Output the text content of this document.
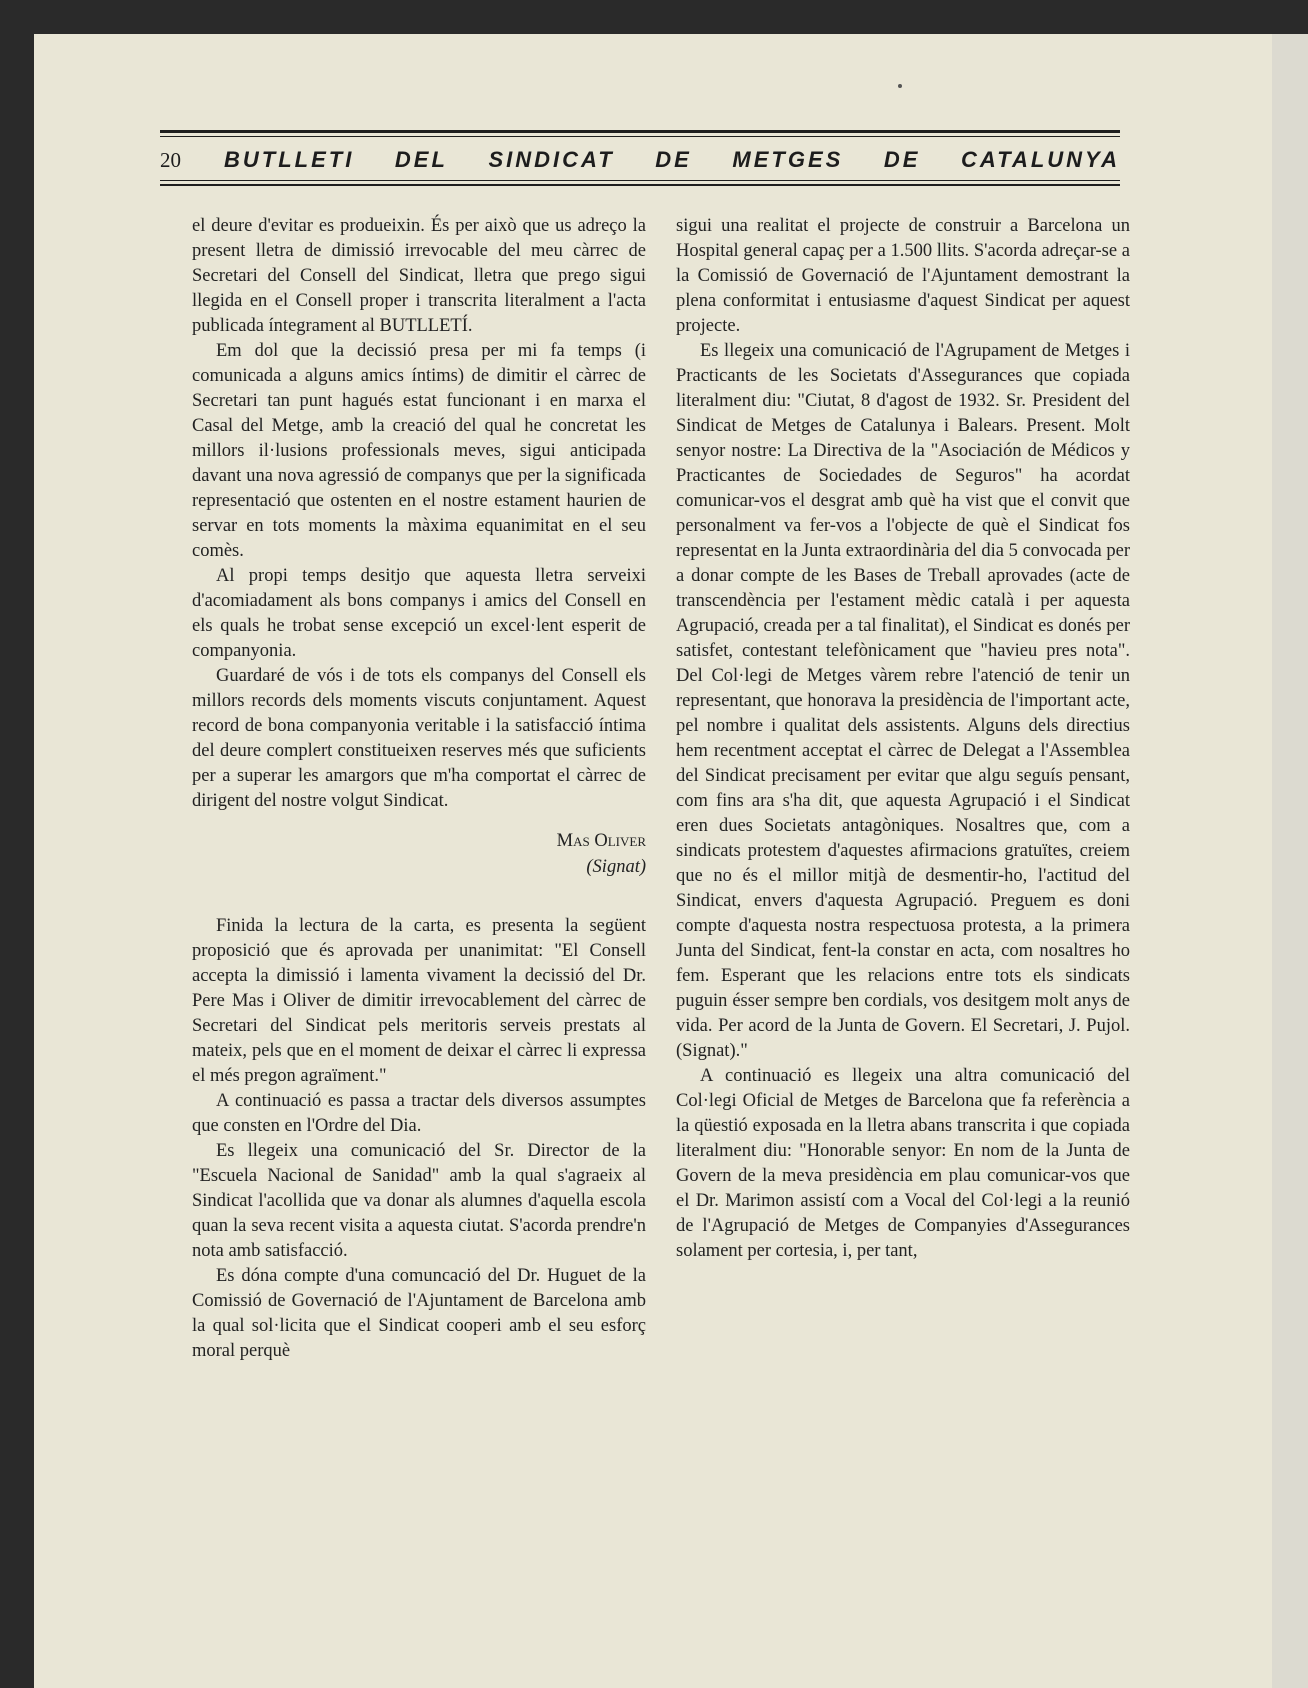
20	BUTLLETI DEL SINDICAT DE METGES DE CATALUNYA

el deure d'evitar es produeixin. És per això que us adreço la present lletra de dimissió irrevocable del meu càrrec de Secretari del Consell del Sindicat, lletra que prego sigui llegida en el Consell proper i transcrita literalment a l'acta publicada íntegrament al BUTLLETÍ.

Em dol que la decissió presa per mi fa temps (i comunicada a alguns amics íntims) de dimitir el càrrec de Secretari tan punt hagués estat funcionant i en marxa el Casal del Metge, amb la creació del qual he concretat les millors il·lusions professionals meves, sigui anticipada davant una nova agressió de companys que per la significada representació que ostenten en el nostre estament haurien de servar en tots moments la màxima equanimitat en el seu comès.

Al propi temps desitjo que aquesta lletra serveixi d'acomiadament als bons companys i amics del Consell en els quals he trobat sense excepció un excel·lent esperit de companyonia.

Guardaré de vós i de tots els companys del Consell els millors records dels moments viscuts conjuntament. Aquest record de bona companyonia veritable i la satisfacció íntima del deure complert constitueixen reserves més que suficients per a superar les amargors que m'ha comportat el càrrec de dirigent del nostre volgut Sindicat.

Mas Oliver
(Signat)

Finida la lectura de la carta, es presenta la següent proposició que és aprovada per unanimitat: "El Consell accepta la dimissió i lamenta vivament la decissió del Dr. Pere Mas i Oliver de dimitir irrevocablement del càrrec de Secretari del Sindicat pels meritoris serveis prestats al mateix, pels que en el moment de deixar el càrrec li expressa el més pregon agraïment."

A continuació es passa a tractar dels diversos assumptes que consten en l'Ordre del Dia.

Es llegeix una comunicació del Sr. Director de la "Escuela Nacional de Sanidad" amb la qual s'agraeix al Sindicat l'acollida que va donar als alumnes d'aquella escola quan la seva recent visita a aquesta ciutat. S'acorda prendre'n nota amb satisfacció.

Es dóna compte d'una comuncació del Dr. Huguet de la Comissió de Governació de l'Ajuntament de Barcelona amb la qual sol·licita que el Sindicat cooperi amb el seu esforç moral perquè

sigui una realitat el projecte de construir a Barcelona un Hospital general capaç per a 1.500 llits. S'acorda adreçar-se a la Comissió de Governació de l'Ajuntament demostrant la plena conformitat i entusiasme d'aquest Sindicat per aquest projecte.

Es llegeix una comunicació de l'Agrupament de Metges i Practicants de les Societats d'Assegurances que copiada literalment diu: "Ciutat, 8 d'agost de 1932. Sr. President del Sindicat de Metges de Catalunya i Balears. Present. Molt senyor nostre: La Directiva de la "Asociación de Médicos y Practicantes de Sociedades de Seguros" ha acordat comunicar-vos el desgrat amb què ha vist que el convit que personalment va fer-vos a l'objecte de què el Sindicat fos representat en la Junta extraordinària del dia 5 convocada per a donar compte de les Bases de Treball aprovades (acte de transcendència per l'estament mèdic català i per aquesta Agrupació, creada per a tal finalitat), el Sindicat es donés per satisfet, contestant telefònicament que "havieu pres nota". Del Col·legi de Metges vàrem rebre l'atenció de tenir un representant, que honorava la presidència de l'important acte, pel nombre i qualitat dels assistents. Alguns dels directius hem recentment acceptat el càrrec de Delegat a l'Assemblea del Sindicat precisament per evitar que algu seguís pensant, com fins ara s'ha dit, que aquesta Agrupació i el Sindicat eren dues Societats antagòniques. Nosaltres que, com a sindicats protestem d'aquestes afirmacions gratuïtes, creiem que no és el millor mitjà de desmentir-ho, l'actitud del Sindicat, envers d'aquesta Agrupació. Preguem es doni compte d'aquesta nostra respectuosa protesta, a la primera Junta del Sindicat, fent-la constar en acta, com nosaltres ho fem. Esperant que les relacions entre tots els sindicats puguin ésser sempre ben cordials, vos desitgem molt anys de vida. Per acord de la Junta de Govern. El Secretari, J. Pujol. (Signat)."

A continuació es llegeix una altra comunicació del Col·legi Oficial de Metges de Barcelona que fa referència a la qüestió exposada en la lletra abans transcrita i que copiada literalment diu: "Honorable senyor: En nom de la Junta de Govern de la meva presidència em plau comunicar-vos que el Dr. Marimon assistí com a Vocal del Col·legi a la reunió de l'Agrupació de Metges de Companyies d'Assegurances solament per cortesia, i, per tant,
